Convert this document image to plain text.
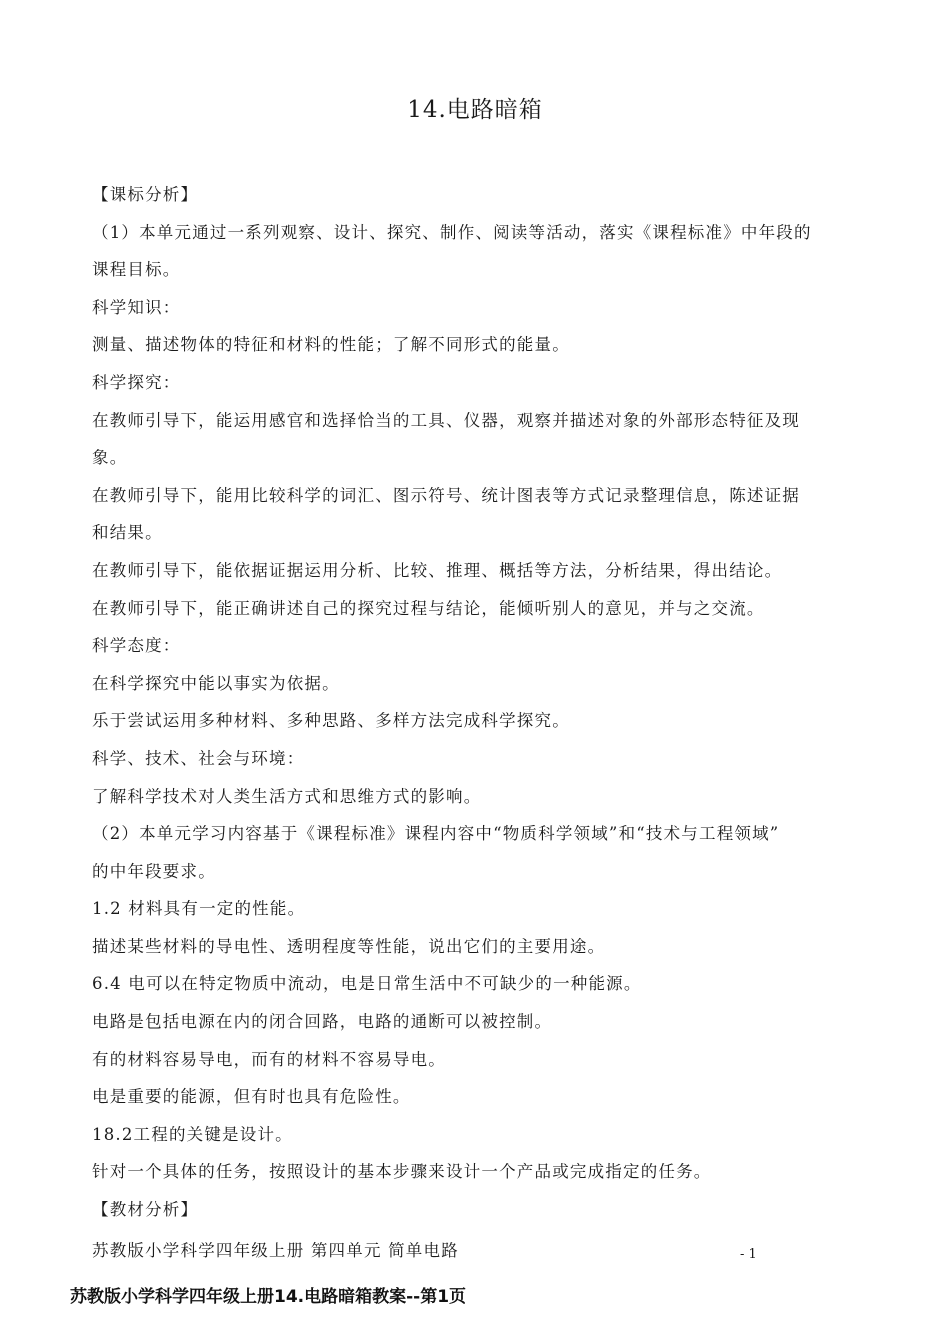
14.电路暗箱
【课标分析】
（1）本单元通过一系列观察、设计、探究、制作、阅读等活动，落实《课程标准》中年段的
课程目标。
科学知识：
测量、描述物体的特征和材料的性能；了解不同形式的能量。
科学探究：
在教师引导下，能运用感官和选择恰当的工具、仪器，观察并描述对象的外部形态特征及现
象。
在教师引导下，能用比较科学的词汇、图示符号、统计图表等方式记录整理信息，陈述证据
和结果。
在教师引导下，能依据证据运用分析、比较、推理、概括等方法，分析结果，得出结论。
在教师引导下，能正确讲述自己的探究过程与结论，能倾听别人的意见，并与之交流。
科学态度：
在科学探究中能以事实为依据。
乐于尝试运用多种材料、多种思路、多样方法完成科学探究。
科学、技术、社会与环境：
了解科学技术对人类生活方式和思维方式的影响。
（2）本单元学习内容基于《课程标准》课程内容中“物质科学领域”和“技术与工程领域”
的中年段要求。
1.2 材料具有一定的性能。
描述某些材料的导电性、透明程度等性能，说出它们的主要用途。
6.4 电可以在特定物质中流动，电是日常生活中不可缺少的一种能源。
电路是包括电源在内的闭合回路，电路的通断可以被控制。
有的材料容易导电，而有的材料不容易导电。
电是重要的能源，但有时也具有危险性。
18.2工程的关键是设计。
针对一个具体的任务，按照设计的基本步骤来设计一个产品或完成指定的任务。
【教材分析】
苏教版小学科学四年级上册 第四单元 简单电路	- 1
苏教版小学科学四年级上册14.电路暗箱教案--第1页
